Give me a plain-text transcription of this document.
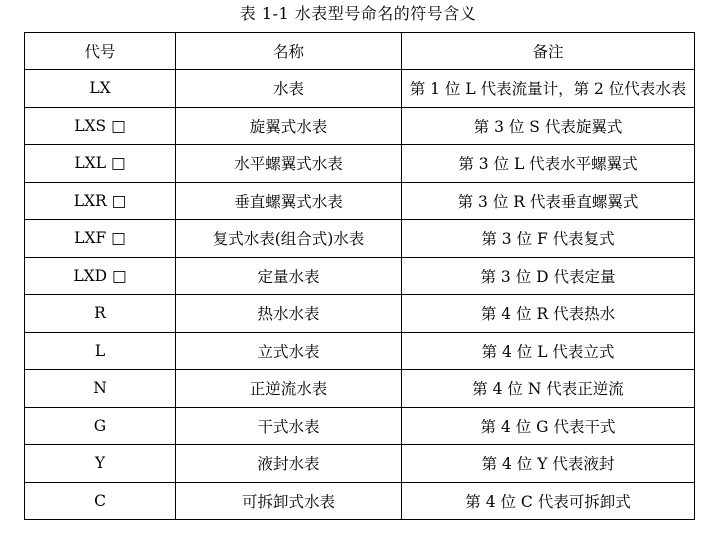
表 1-1 水表型号命名的符号含义
代号	名称	备注
LX	水表	第 1 位 L 代表流量计，第 2 位代表水表
LXS □	旋翼式水表	第 3 位 S 代表旋翼式
LXL □	水平螺翼式水表	第 3 位 L 代表水平螺翼式
LXR □	垂直螺翼式水表	第 3 位 R 代表垂直螺翼式
LXF □	复式水表(组合式)水表	第 3 位 F 代表复式
LXD □	定量水表	第 3 位 D 代表定量
R	热水水表	第 4 位 R 代表热水
L	立式水表	第 4 位 L 代表立式
N	正逆流水表	第 4 位 N 代表正逆流
G	干式水表	第 4 位 G 代表干式
Y	液封水表	第 4 位 Y 代表液封
C	可拆卸式水表	第 4 位 C 代表可拆卸式
